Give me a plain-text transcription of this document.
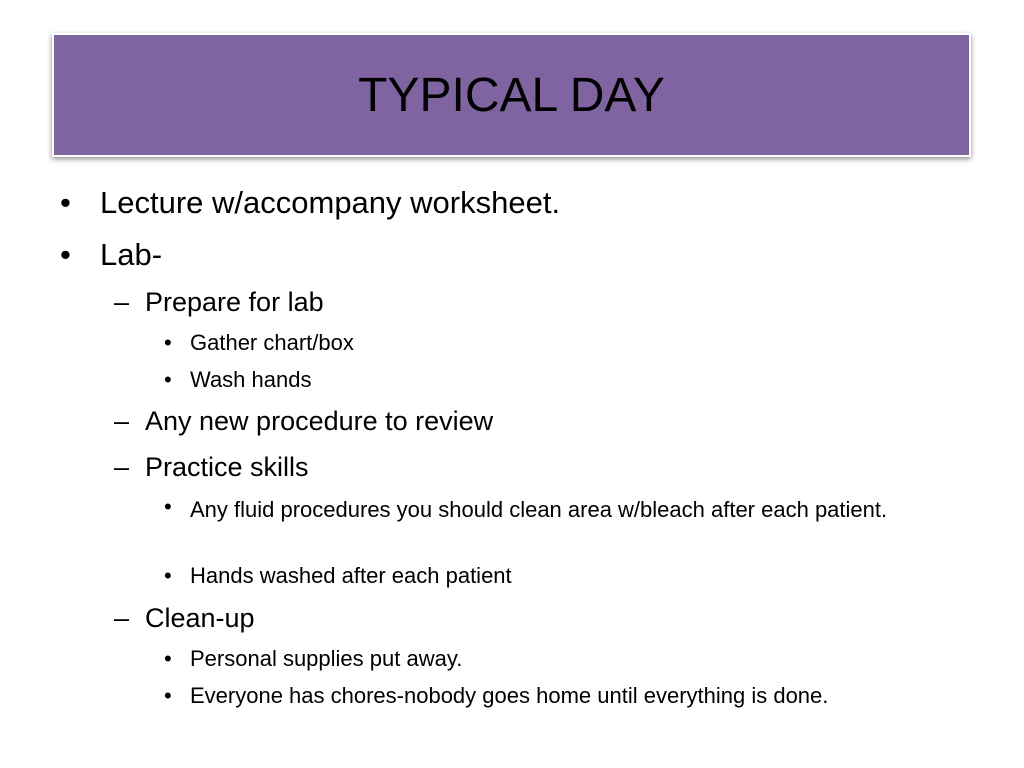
TYPICAL DAY
• Lecture w/accompany worksheet.
• Lab-
– Prepare for lab
• Gather chart/box
• Wash hands
– Any new procedure to review
– Practice skills
• Any fluid procedures you should clean area w/bleach after each patient.
• Hands washed after each patient
– Clean-up
• Personal supplies put away.
• Everyone has chores-nobody goes home until everything is done.
